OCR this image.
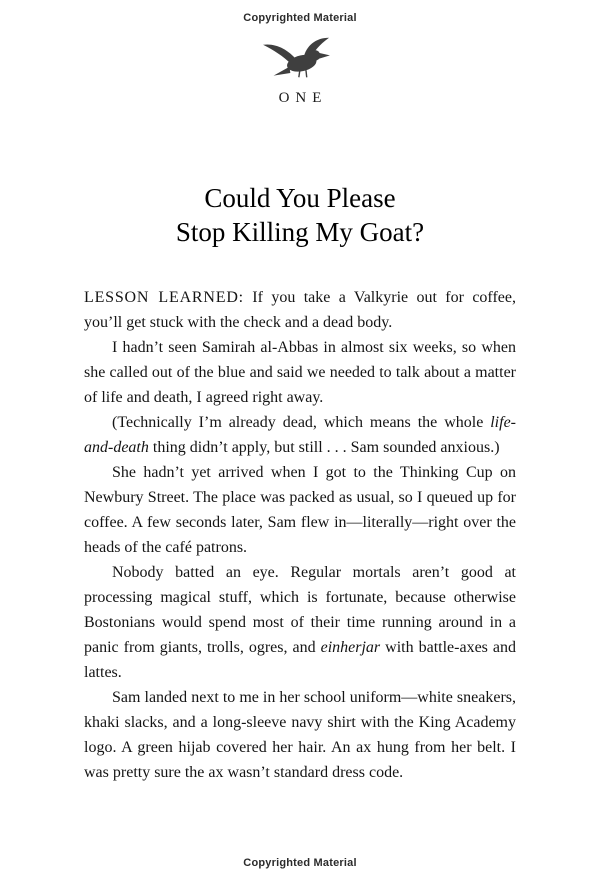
Copyrighted Material
ONE
Could You Please
Stop Killing My Goat?

LESSON LEARNED: If you take a Valkyrie out for coffee, you’ll get stuck with the check and a dead body.

I hadn’t seen Samirah al-Abbas in almost six weeks, so when she called out of the blue and said we needed to talk about a matter of life and death, I agreed right away.

(Technically I’m already dead, which means the whole life-and-death thing didn’t apply, but still . . . Sam sounded anxious.)

She hadn’t yet arrived when I got to the Thinking Cup on Newbury Street. The place was packed as usual, so I queued up for coffee. A few seconds later, Sam flew in—literally—right over the heads of the café patrons.

Nobody batted an eye. Regular mortals aren’t good at processing magical stuff, which is fortunate, because otherwise Bostonians would spend most of their time running around in a panic from giants, trolls, ogres, and einherjar with battle-axes and lattes.

Sam landed next to me in her school uniform—white sneakers, khaki slacks, and a long-sleeve navy shirt with the King Academy logo. A green hijab covered her hair. An ax hung from her belt. I was pretty sure the ax wasn’t standard dress code.

Copyrighted Material
